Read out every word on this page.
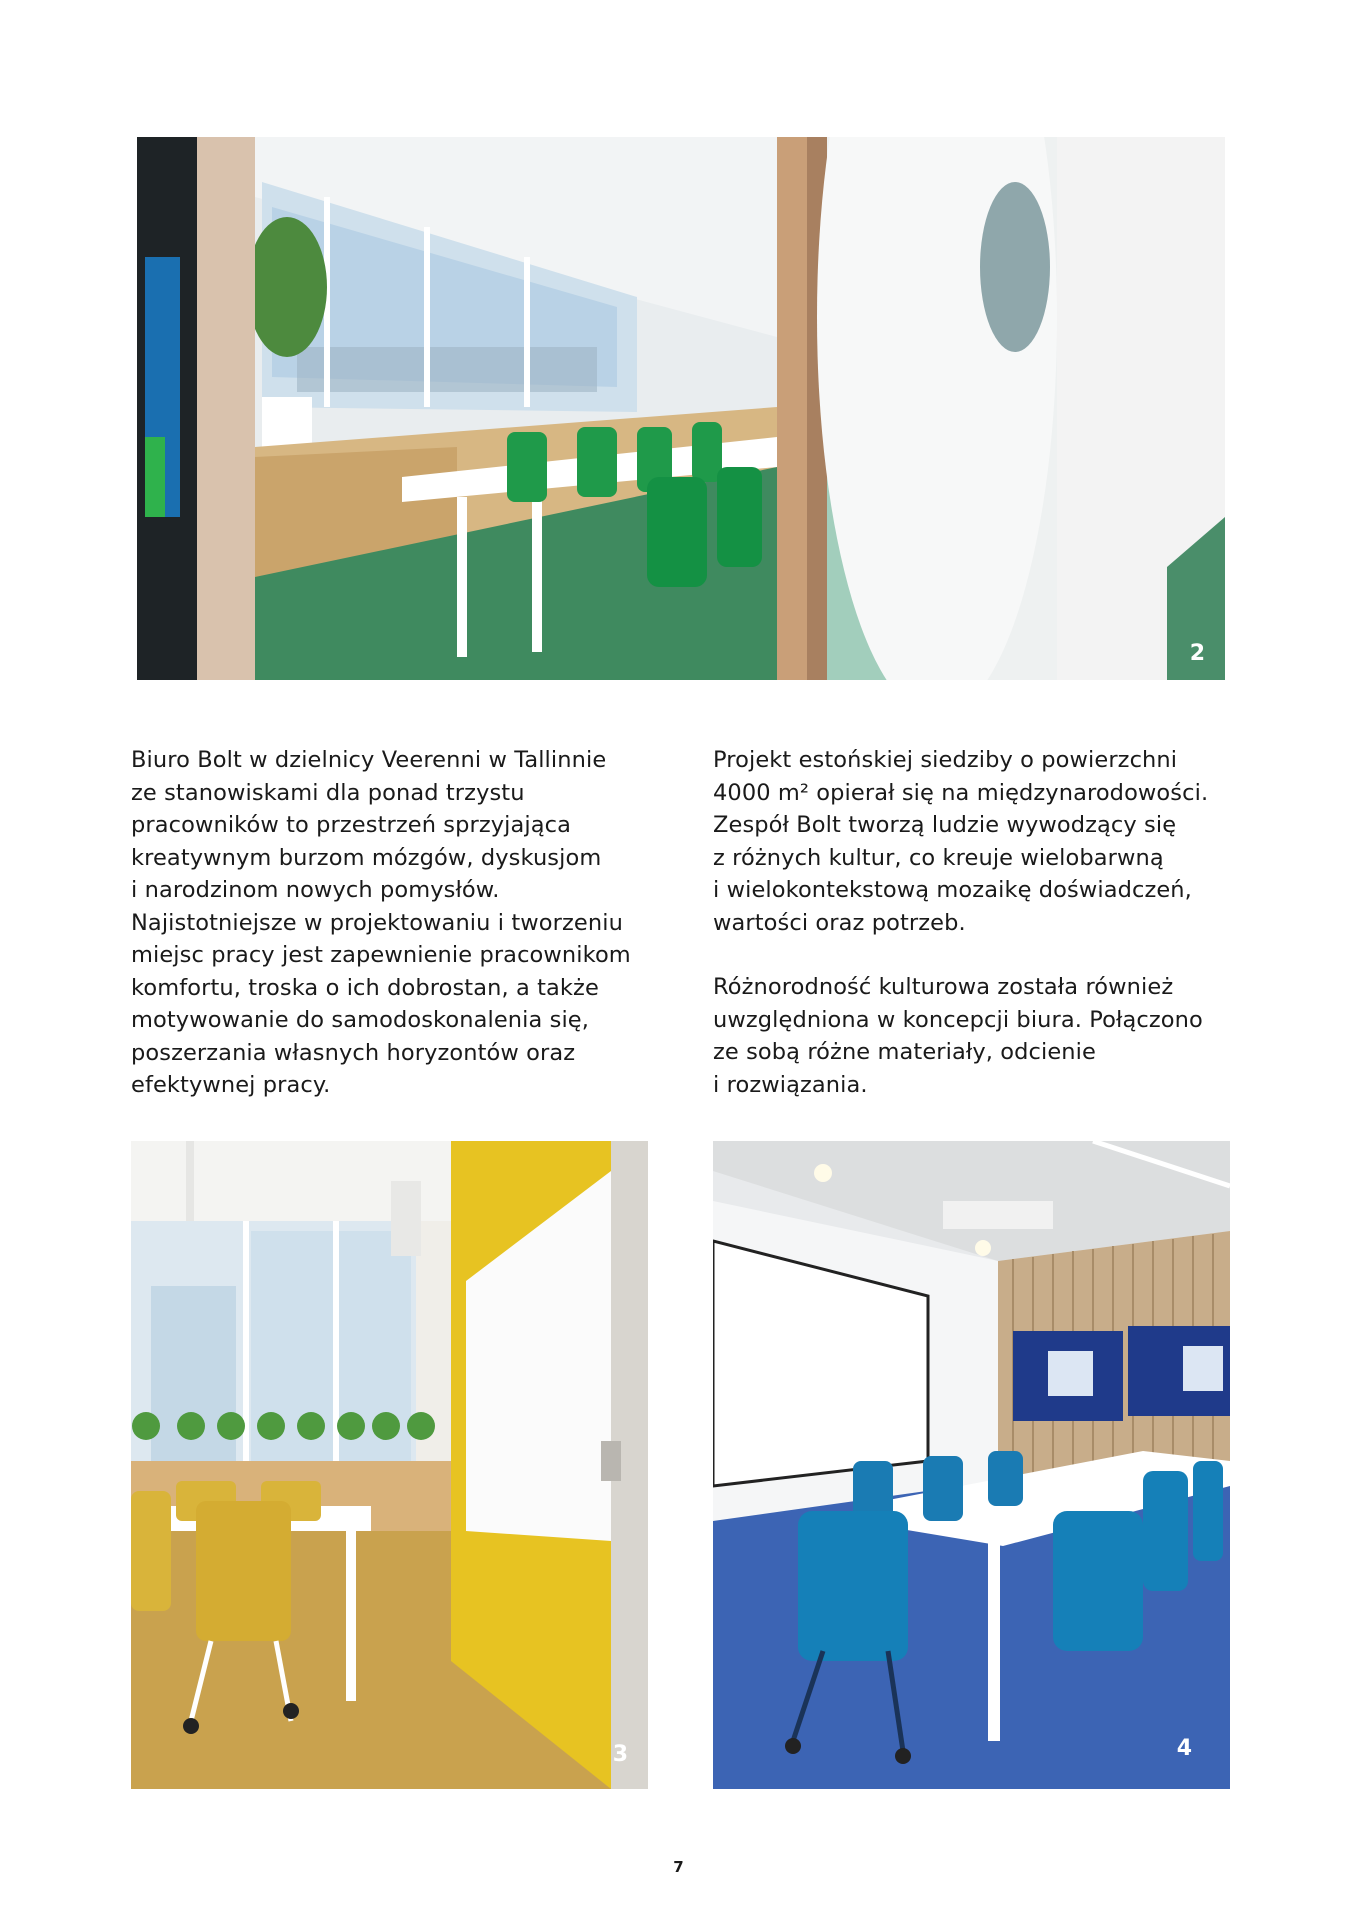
2

Biuro Bolt w dzielnicy Veerenni w Tallinnie
ze stanowiskami dla ponad trzystu
pracowników to przestrzeń sprzyjająca
kreatywnym burzom mózgów, dyskusjom
i narodzinom nowych pomysłów.
Najistotniejsze w projektowaniu i tworzeniu
miejsc pracy jest zapewnienie pracownikom
komfortu, troska o ich dobrostan, a także
motywowanie do samodoskonalenia się,
poszerzania własnych horyzontów oraz
efektywnej pracy.

Projekt estońskiej siedziby o powierzchni
4000 m² opierał się na międzynarodowości.
Zespół Bolt tworzą ludzie wywodzący się
z różnych kultur, co kreuje wielobarwną
i wielokontekstową mozaikę doświadczeń,
wartości oraz potrzeb.

Różnorodność kulturowa została również
uwzględniona w koncepcji biura. Połączono
ze sobą różne materiały, odcienie
i rozwiązania.

3	4
7
